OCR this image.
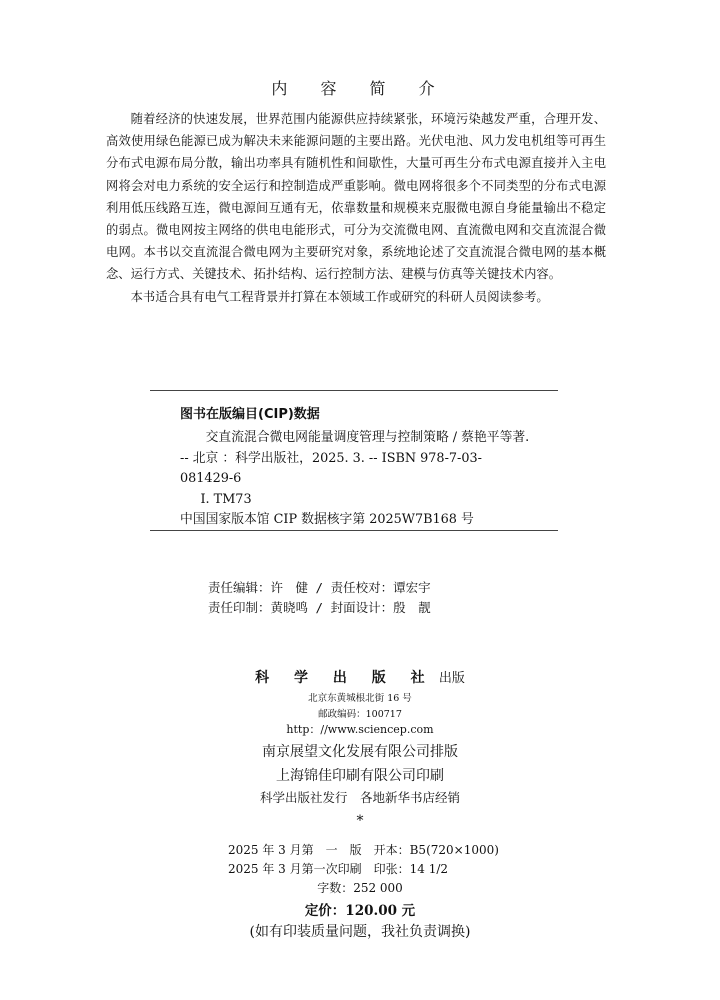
内 容 简 介

随着经济的快速发展，世界范围内能源供应持续紧张，环境污染越发严重，合理开发、高效使用绿色能源已成为解决未来能源问题的主要出路。光伏电池、风力发电机组等可再生分布式电源布局分散，输出功率具有随机性和间歇性，大量可再生分布式电源直接并入主电网将会对电力系统的安全运行和控制造成严重影响。微电网将很多个不同类型的分布式电源利用低压线路互连，微电源间互通有无，依靠数量和规模来克服微电源自身能量输出不稳定的弱点。微电网按主网络的供电电能形式，可分为交流微电网、直流微电网和交直流混合微电网。本书以交直流混合微电网为主要研究对象，系统地论述了交直流混合微电网的基本概念、运行方式、关键技术、拓扑结构、运行控制方法、建模与仿真等关键技术内容。

本书适合具有电气工程背景并打算在本领域工作或研究的科研人员阅读参考。

图书在版编目(CIP)数据

交直流混合微电网能量调度管理与控制策略 / 蔡艳平等著. -- 北京 ：科学出版社，2025. 3. -- ISBN 978-7-03-081429-6

Ⅰ. TM73

中国国家版本馆 CIP 数据核字第 2025W7B168 号

责任编辑：许　健 / 责任校对：谭宏宇
责任印制：黄晓鸣 / 封面设计：殷　靓
科 学 出 版 社 出版
北京东黄城根北街 16 号
邮政编码：100717
http：//www.sciencep.com
南京展望文化发展有限公司排版
上海锦佳印刷有限公司印刷
科学出版社发行　各地新华书店经销
*
2025 年 3 月第　一　版　开本：B5(720×1000)
2025 年 3 月第一次印刷　印张：14 1/2
字数：252 000
定价：120.00 元
(如有印装质量问题，我社负责调换)
